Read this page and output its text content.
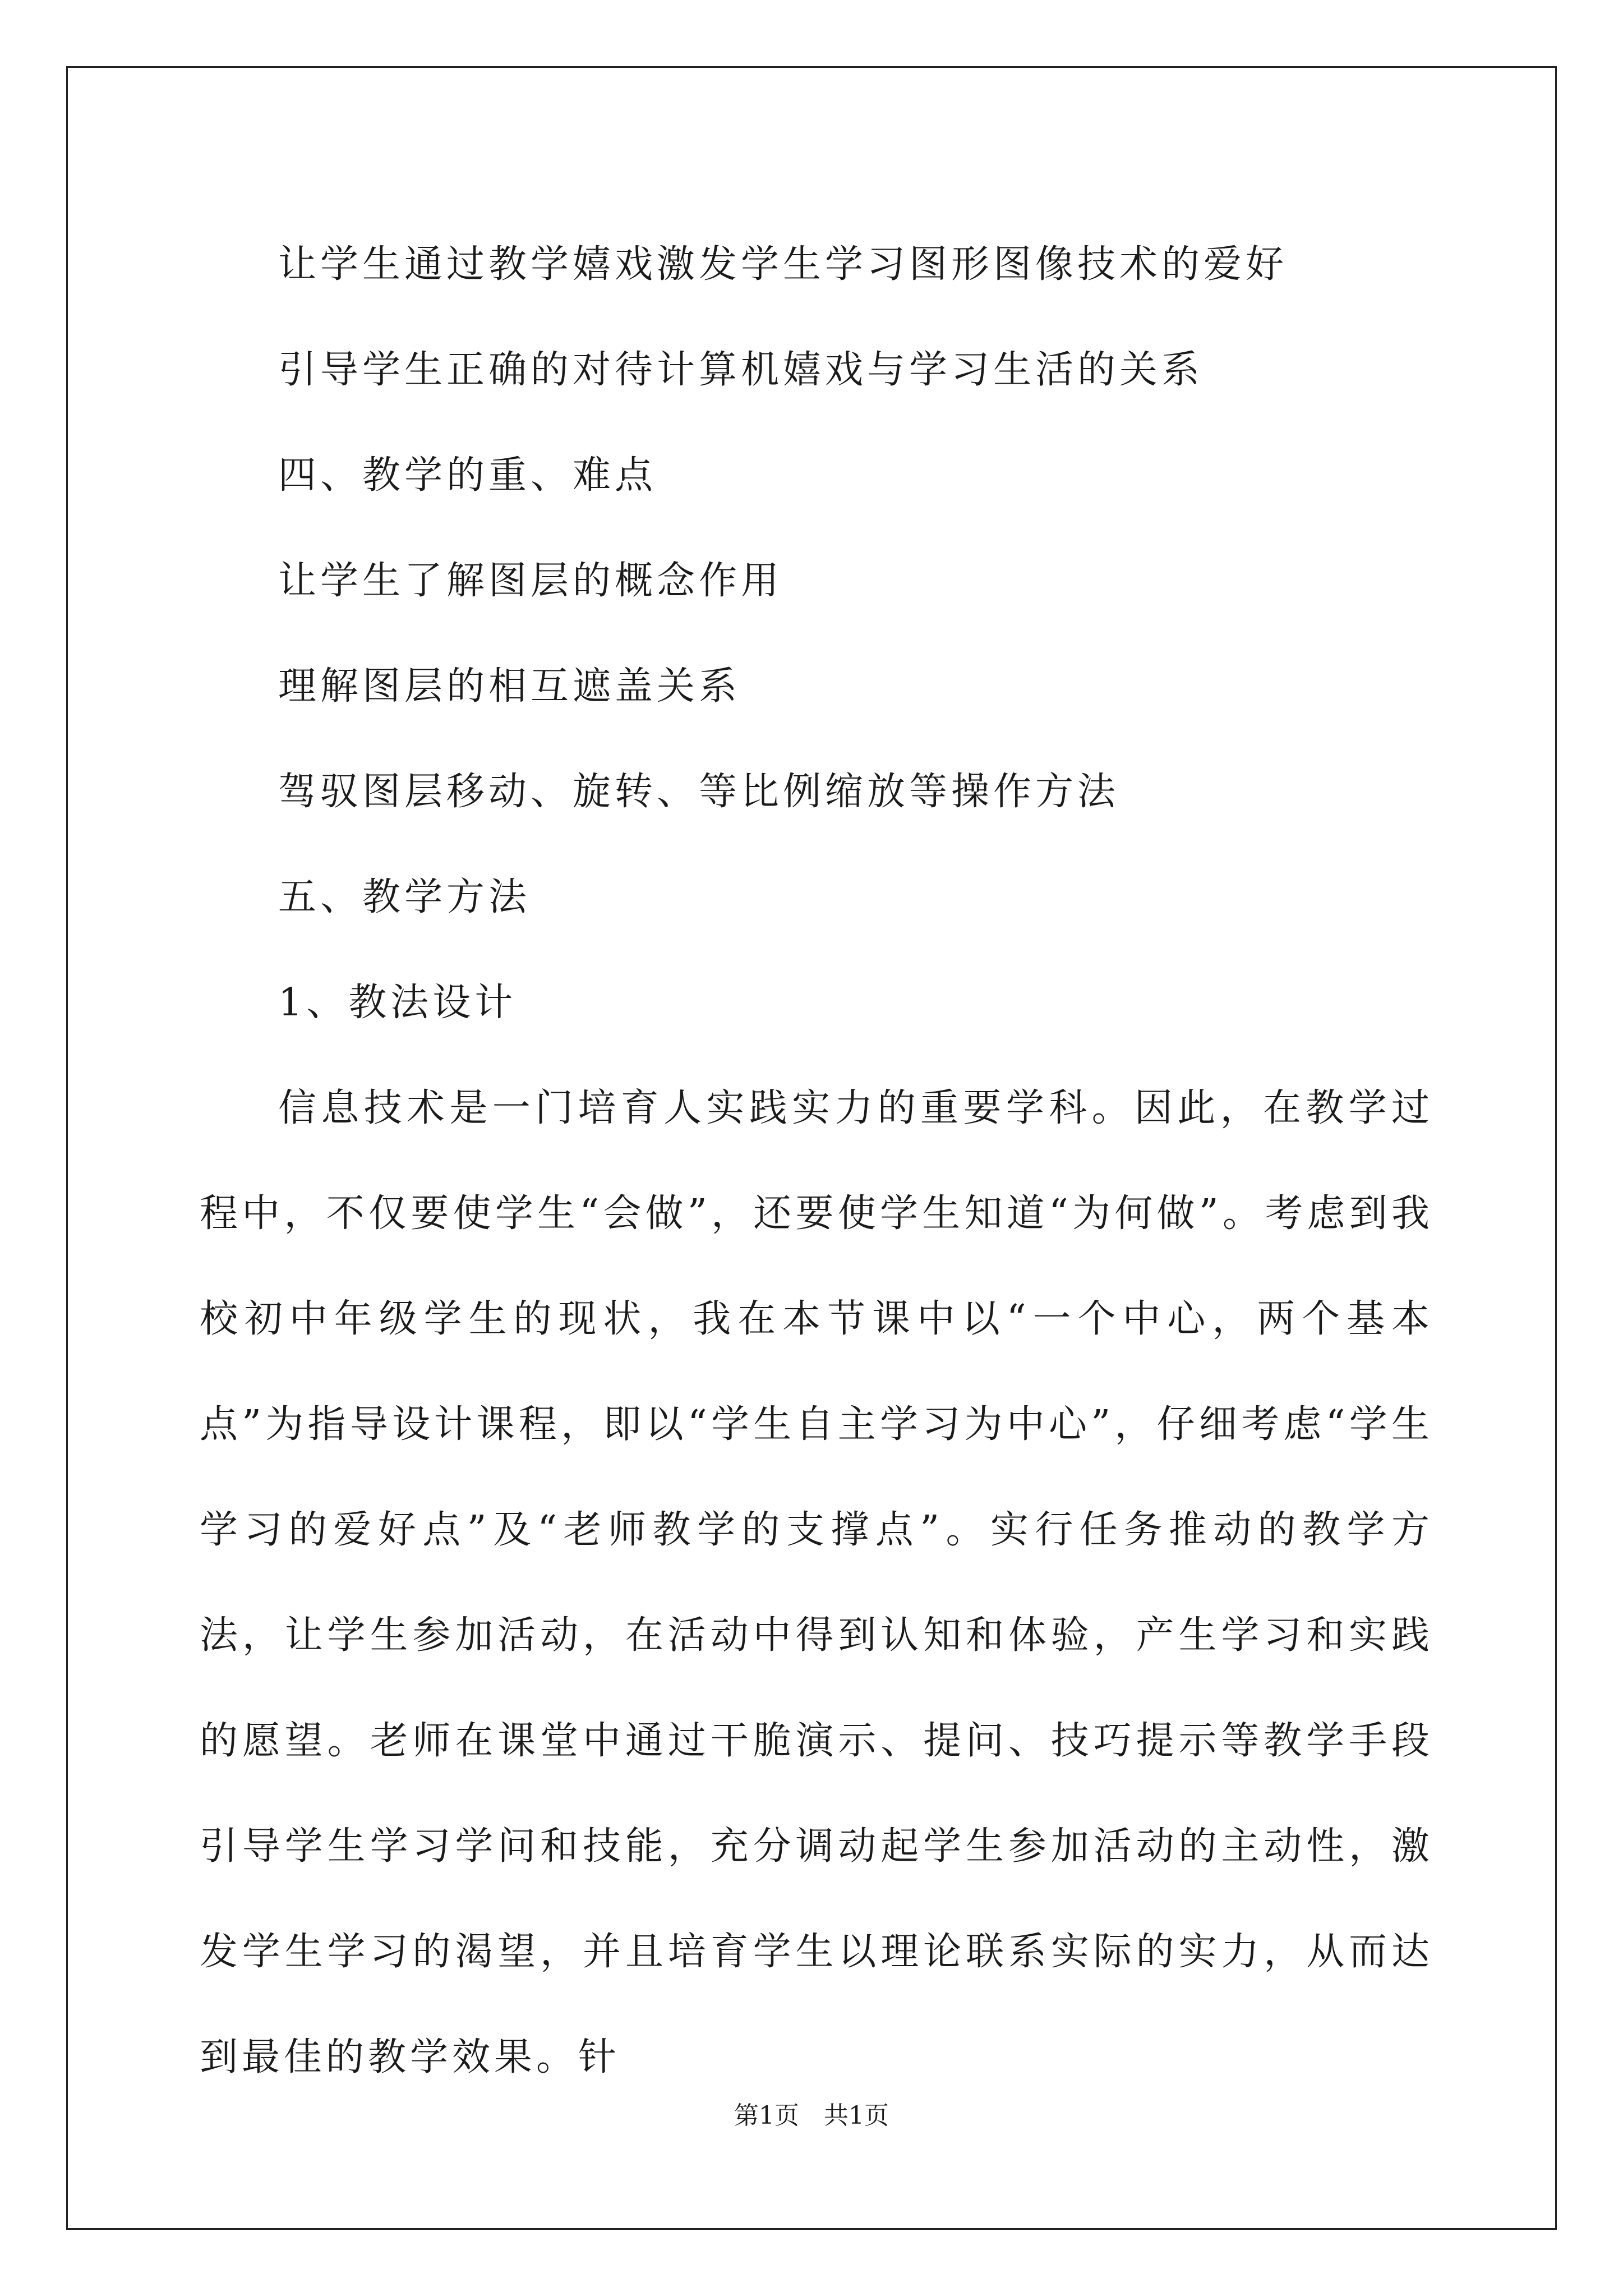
让学生通过教学嬉戏激发学生学习图形图像技术的爱好
引导学生正确的对待计算机嬉戏与学习生活的关系
四、教学的重、难点
让学生了解图层的概念作用
理解图层的相互遮盖关系
驾驭图层移动、旋转、等比例缩放等操作方法
五、教学方法
1、教法设计

信息技术是一门培育人实践实力的重要学科。因此，在教学过程中，不仅要使学生“会做”，还要使学生知道“为何做”。考虑到我校初中年级学生的现状，我在本节课中以“一个中心，两个基本点”为指导设计课程，即以“学生自主学习为中心”，仔细考虑“学生学习的爱好点”及“老师教学的支撑点”。实行任务推动的教学方法，让学生参加活动，在活动中得到认知和体验，产生学习和实践的愿望。老师在课堂中通过干脆演示、提问、技巧提示等教学手段引导学生学习学问和技能，充分调动起学生参加活动的主动性，激发学生学习的渴望，并且培育学生以理论联系实际的实力，从而达到最佳的教学效果。针

第1页　共1页
